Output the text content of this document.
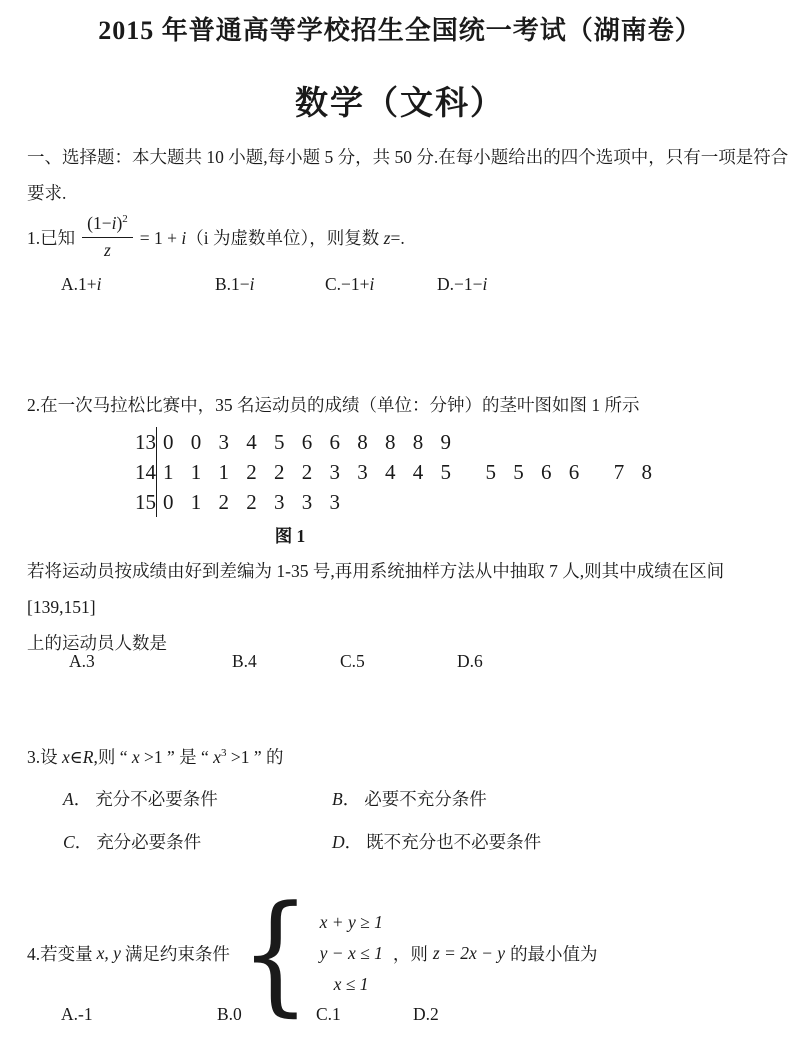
2015 年普通高等学校招生全国统一考试（湖南卷）
数学（文科）
一、选择题：本大题共 10 小题,每小题 5 分，共 50 分.在每小题给出的四个选项中，只有一项是符合
要求.
1.已知 $\frac{(1-i)^2}{z} = 1 + i(i$ 为虚数单位），则复数 z=.
A.1+i	B.1−i	C.−1+i	D.−1−i
2.在一次马拉松比赛中，35 名运动员的成绩（单位：分钟）的茎叶图如图 1 所示
13 0 0 3 4 5 6 6 8 8 8 9
14 1 1 1 2 2 2 3 3 4 4 5  5 5 6 6  7 8
15 0 1 2 2 3 3 3
图 1
若将运动员按成绩由好到差编为 1-35 号,再用系统抽样方法从中抽取 7 人,则其中成绩在区间[139,151]
上的运动员人数是
A.3	B.4	C.5	D.6
3.设 x∈R,则 “ x >1 ” 是 “ $x^3 >1$ ” 的
A． 充分不必要条件	B． 必要不充分条件
C． 充分必要条件	D． 既不充分也不必要条件
4.若变量 x, y 满足约束条件 { x + y ≥ 1
y − x ≤ 1
x ≤ 1
，则 z = 2x − y 的最小值为
A.-1	B.0	C.1	D.2
